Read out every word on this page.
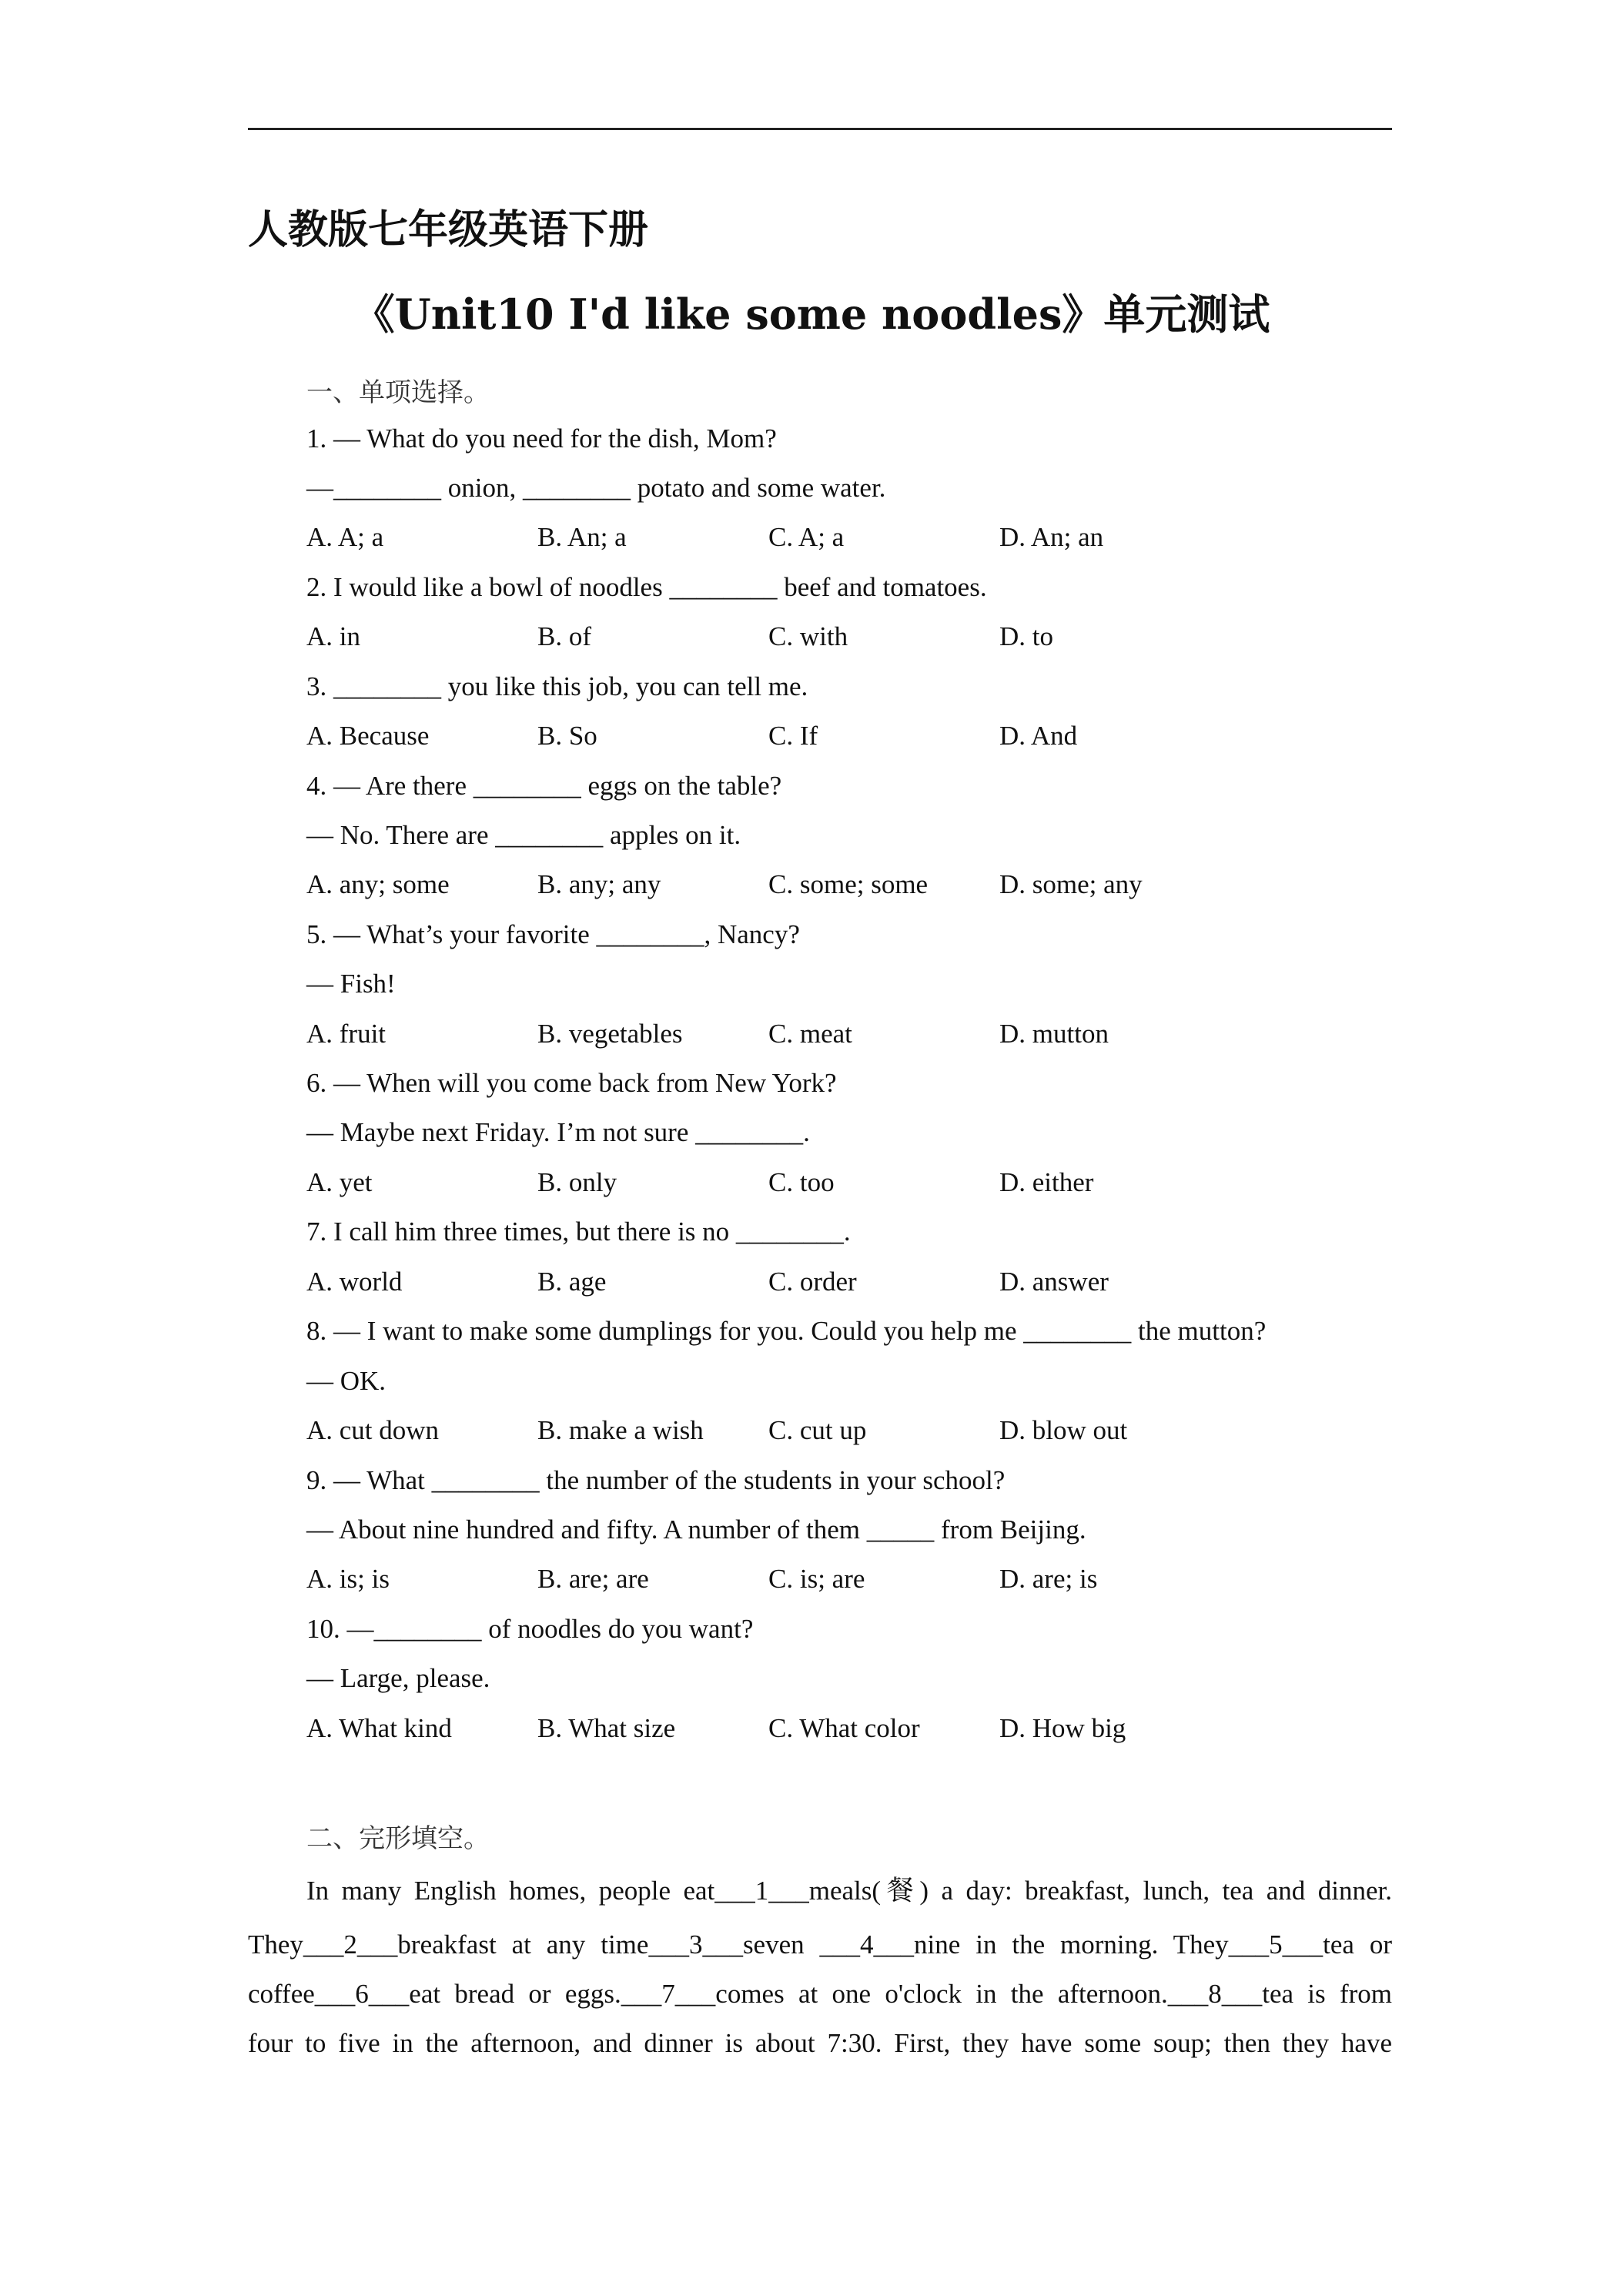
人教版七年级英语下册
《Unit10 I'd like some noodles》单元测试
一、单项选择。
1. — What do you need for the dish, Mom?
—________ onion, ________ potato and some water.
A. A; a	B. An; a	C. A; a	D. An; an
2. I would like a bowl of noodles ________ beef and tomatoes.
A. in	B. of	C. with	D. to
3. ________ you like this job, you can tell me.
A. Because	B. So	C. If	D. And
4. — Are there ________ eggs on the table?
— No. There are ________ apples on it.
A. any; some	B. any; any	C. some; some	D. some; any
5. — What’s your favorite ________, Nancy?
— Fish!
A. fruit	B. vegetables	C. meat	D. mutton
6. — When will you come back from New York?
— Maybe next Friday. I’m not sure ________.
A. yet	B. only	C. too	D. either
7. I call him three times, but there is no ________.
A. world	B. age	C. order	D. answer
8. — I want to make some dumplings for you. Could you help me ________ the mutton?
— OK.
A. cut down	B. make a wish C. cut up	D. blow out
9. — What ________ the number of the students in your school?
— About nine hundred and fifty. A number of them _____ from Beijing.
A. is; is	B. are; are	C. is; are	D. are; is
10. —________ of noodles do you want?
— Large, please.
A. What kind	B. What size	C. What color	D. How big
二、完形填空。
In many English homes, people eat___1___meals(餐) a day: breakfast, lunch, tea and dinner.
They___2___breakfast at any time___3___seven ___4___nine in the morning. They___5___tea or
coffee___6___eat bread or eggs.___7___comes at one o'clock in the afternoon.___8___tea is from
four to five in the afternoon, and dinner is about 7:30. First, they have some soup; then they have
